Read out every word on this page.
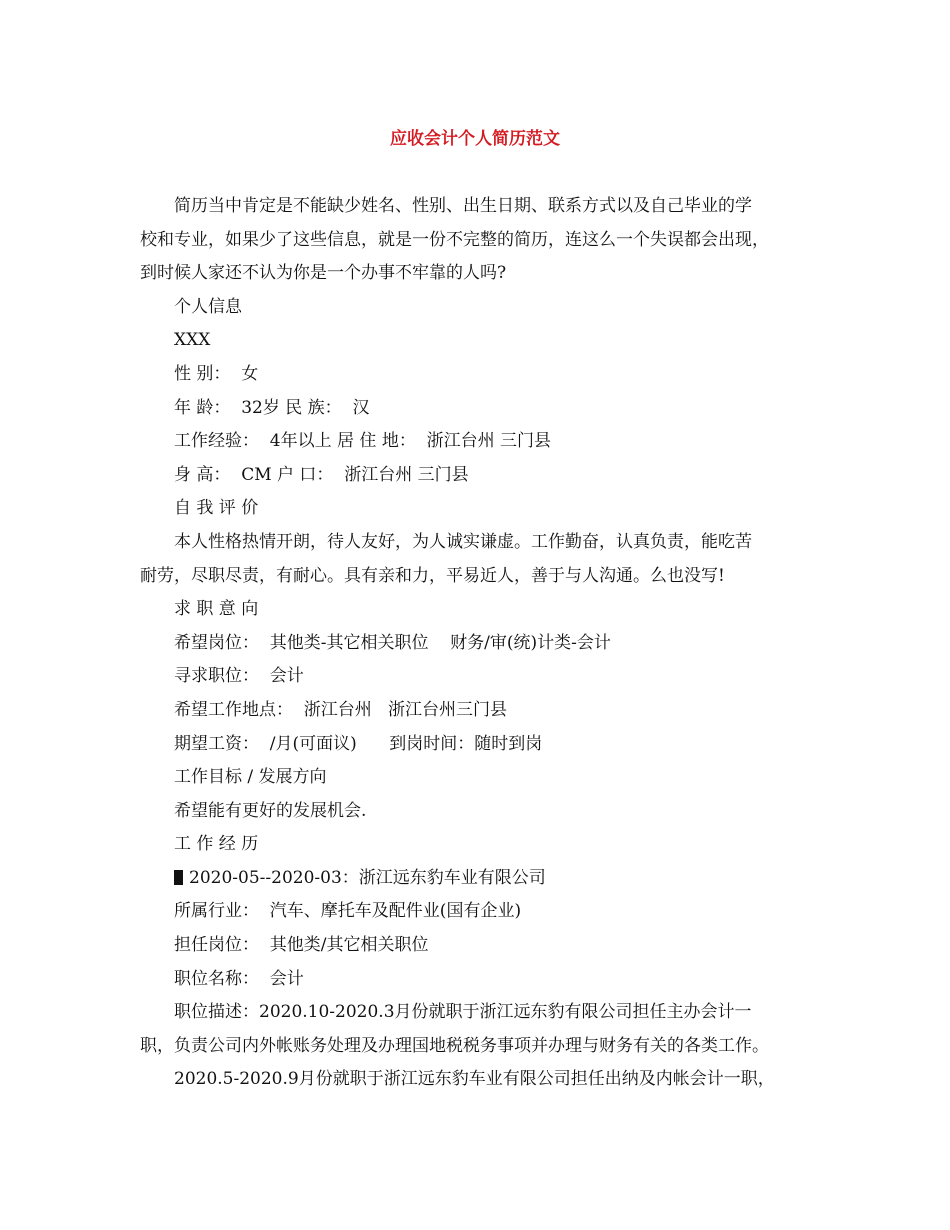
应收会计个人简历范文
简历当中肯定是不能缺少姓名、性别、出生日期、联系方式以及自己毕业的学
校和专业，如果少了这些信息，就是一份不完整的简历，连这么一个失误都会出现，
到时候人家还不认为你是一个办事不牢靠的人吗?
个人信息
XXX
性 别：  女
年 龄：  32岁 民 族：  汉
工作经验：  4年以上 居 住 地：  浙江台州 三门县
身 高：  CM 户 口：  浙江台州 三门县
自 我 评 价
本人性格热情开朗，待人友好，为人诚实谦虚。工作勤奋，认真负责，能吃苦
耐劳，尽职尽责，有耐心。具有亲和力，平易近人，善于与人沟通。么也没写!
求 职 意 向
希望岗位：  其他类-其它相关职位    财务/审(统)计类-会计
寻求职位：  会计
希望工作地点：  浙江台州   浙江台州三门县
期望工资：  /月(可面议)      到岗时间：随时到岗
工作目标 / 发展方向
希望能有更好的发展机会.
工 作 经 历
2020-05--2020-03：浙江远东豹车业有限公司
所属行业：  汽车、摩托车及配件业(国有企业)
担任岗位：  其他类/其它相关职位
职位名称：  会计
职位描述：2020.10-2020.3月份就职于浙江远东豹有限公司担任主办会计一
职，负责公司内外帐账务处理及办理国地税税务事项并办理与财务有关的各类工作。
2020.5-2020.9月份就职于浙江远东豹车业有限公司担任出纳及内帐会计一职，
